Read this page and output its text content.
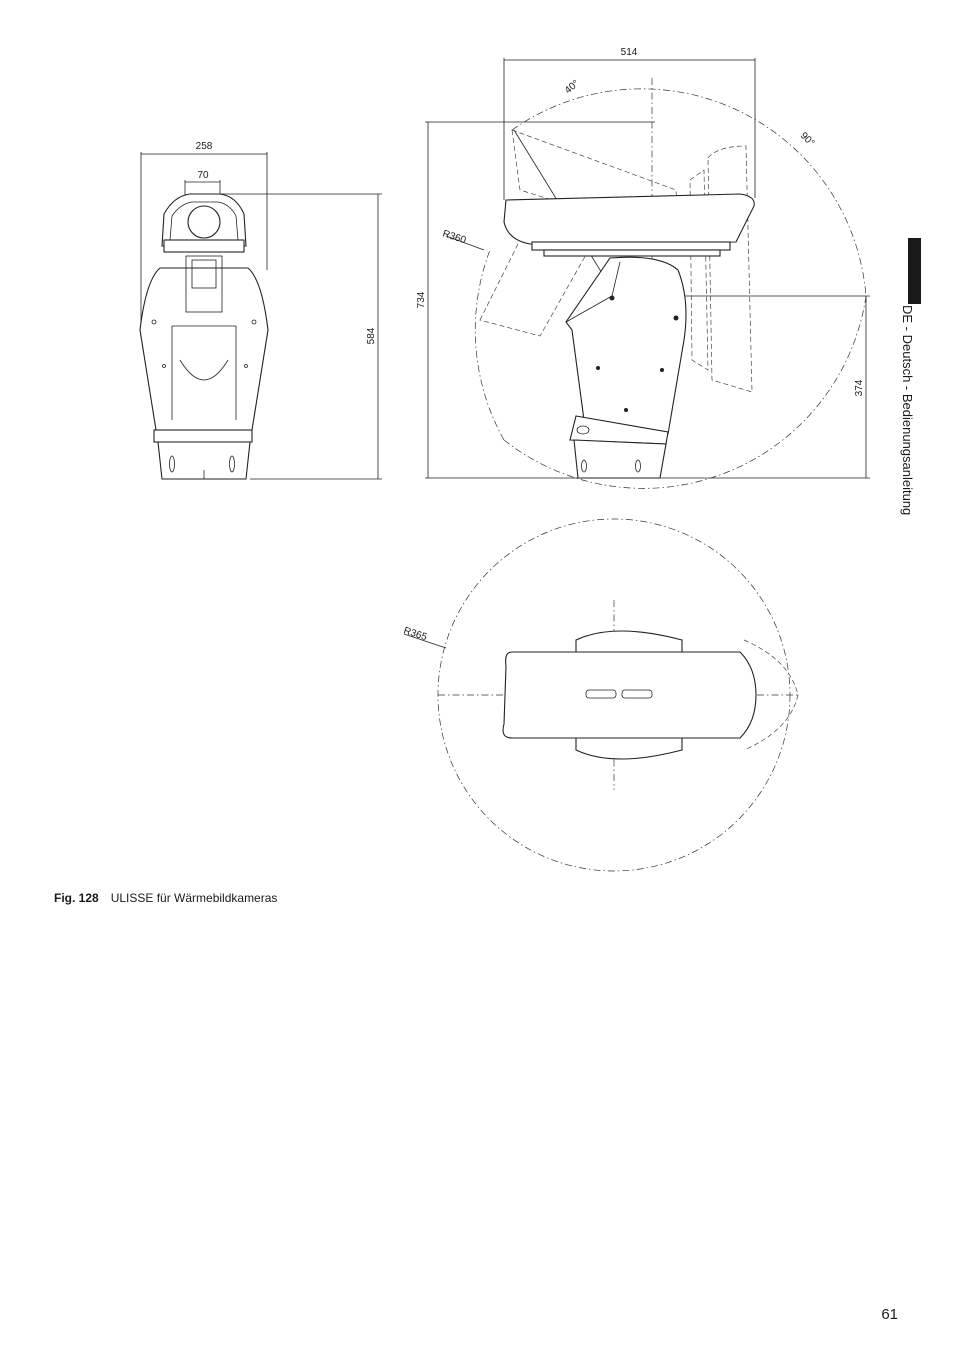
DE - Deutsch - Bedienungsanleitung
258
70
584
514
734
374
R360
40°
90°
R365
Fig. 128 ULISSE für Wärmebildkameras
61
